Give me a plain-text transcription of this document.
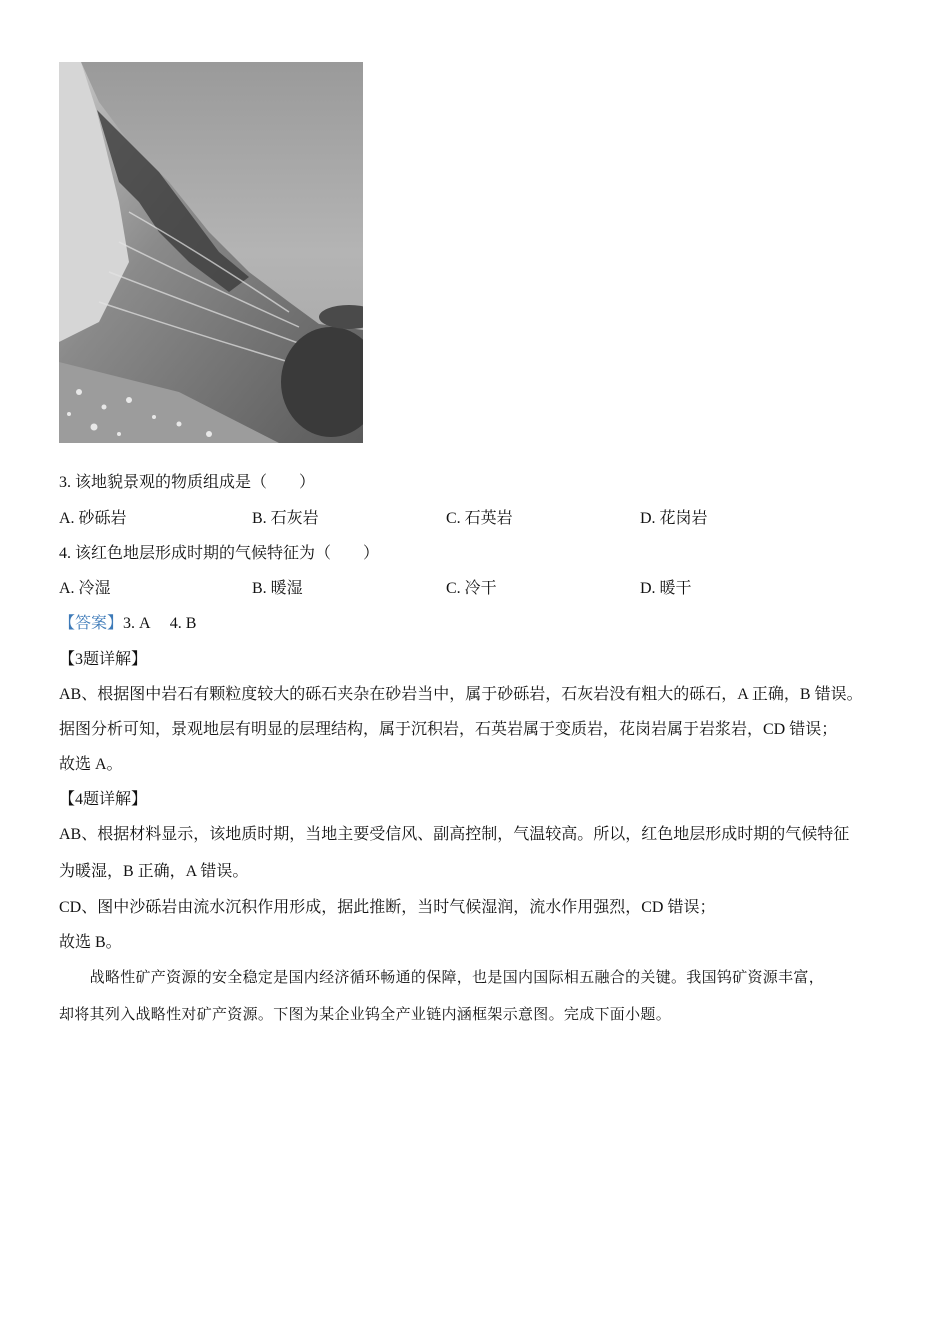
3. 该地貌景观的物质组成是（　　）
A. 砂砾岩	B. 石灰岩	C. 石英岩	D. 花岗岩
4. 该红色地层形成时期的气候特征为（　　）
A. 冷湿	B. 暖湿	C. 冷干	D. 暖干
【答案】3. A　 4. B
【3题详解】
AB、根据图中岩石有颗粒度较大的砾石夹杂在砂岩当中，属于砂砾岩，石灰岩没有粗大的砾石，A 正确，B 错误。
据图分析可知，景观地层有明显的层理结构，属于沉积岩，石英岩属于变质岩，花岗岩属于岩浆岩，CD 错误；
故选 A。
【4题详解】
AB、根据材料显示，该地质时期，当地主要受信风、副高控制，气温较高。所以，红色地层形成时期的气候特征
为暖湿，B 正确，A 错误。
CD、图中沙砾岩由流水沉积作用形成，据此推断，当时气候湿润，流水作用强烈，CD 错误；
故选 B。
　　战略性矿产资源的安全稳定是国内经济循环畅通的保障，也是国内国际相五融合的关键。我国钨矿资源丰富，
却将其列入战略性对矿产资源。下图为某企业钨全产业链内涵框架示意图。完成下面小题。
